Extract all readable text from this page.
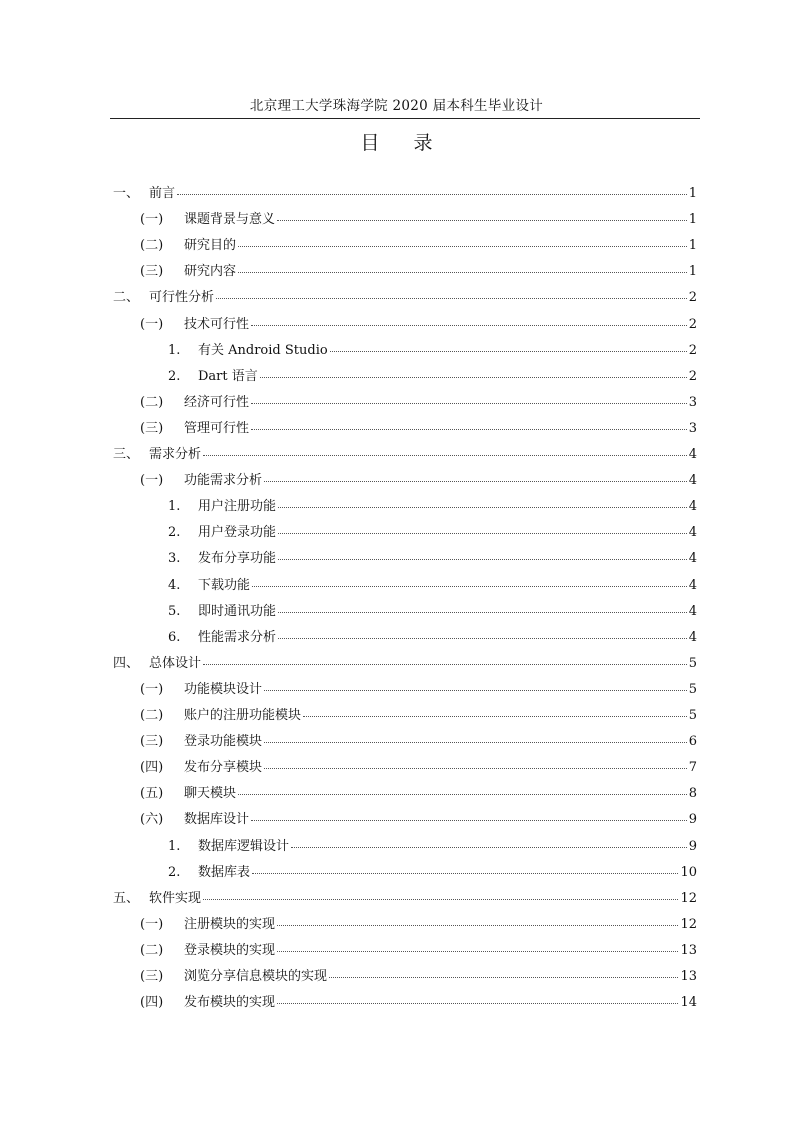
北京理工大学珠海学院 2020 届本科生毕业设计
目 录
一、 前言	1
(一)	课题背景与意义	1
(二)	研究目的	1
(三)	研究内容	1
二、 可行性分析	2
(一)	技术可行性	2
1.	有关 Android Studio	2
2.	Dart 语言	2
(二)	经济可行性	3
(三)	管理可行性	3
三、 需求分析	4
(一)	功能需求分析	4
1.	用户注册功能	4
2.	用户登录功能	4
3.	发布分享功能	4
4.	下载功能	4
5.	即时通讯功能	4
6.	性能需求分析	4
四、 总体设计	5
(一)	功能模块设计	5
(二)	账户的注册功能模块	5
(三)	登录功能模块	6
(四)	发布分享模块	7
(五)	聊天模块	8
(六)	数据库设计	9
1.	数据库逻辑设计	9
2.	数据库表	10
五、 软件实现	12
(一)	注册模块的实现	12
(二)	登录模块的实现	13
(三)	浏览分享信息模块的实现	13
(四)	发布模块的实现	14
